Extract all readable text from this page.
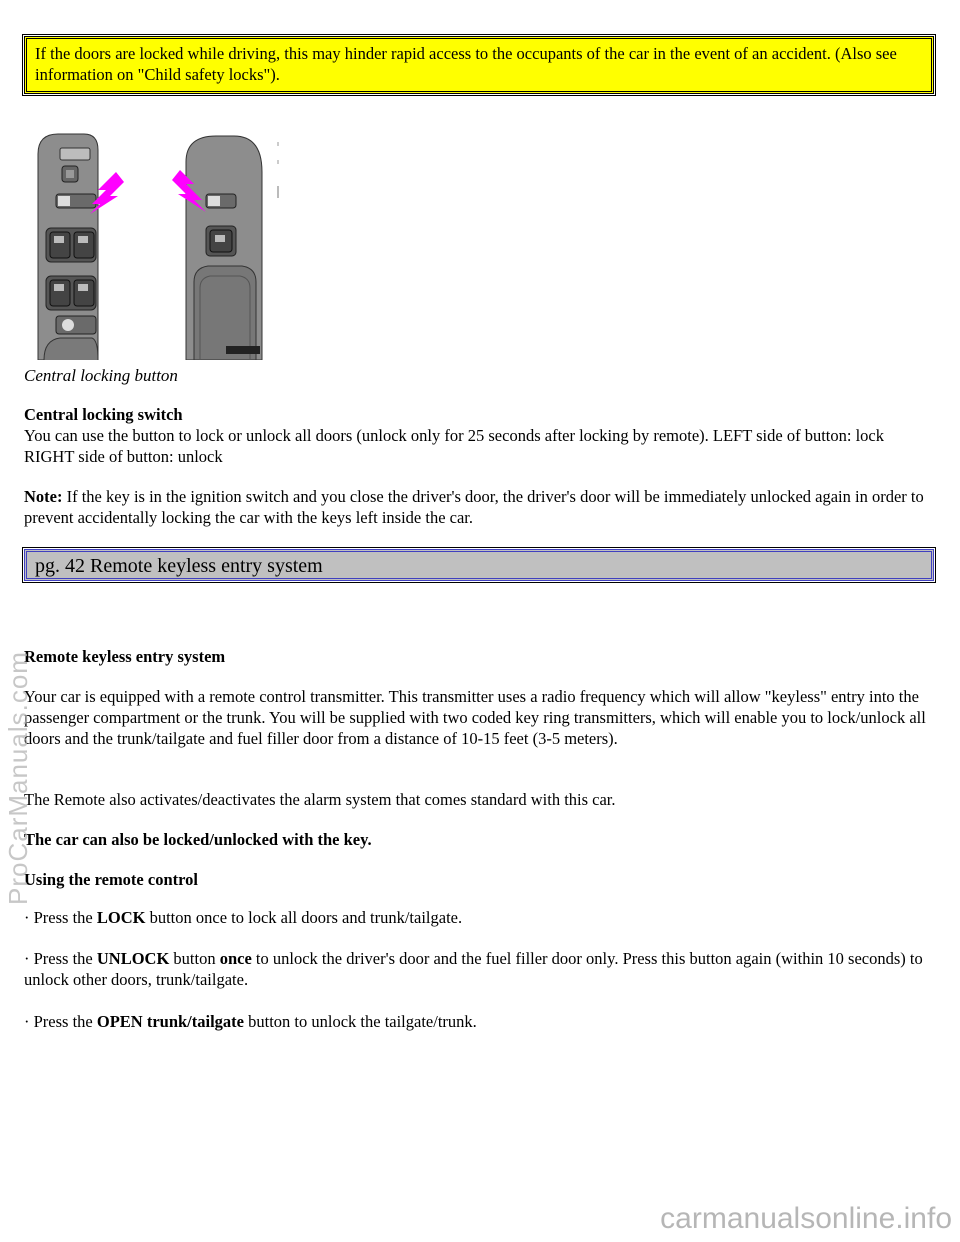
If the doors are locked while driving, this may hinder rapid access to the occupants of the car in the event of an accident. (Also see information on "Child safety locks").
Central locking button

Central locking switch

You can use the button to lock or unlock all doors (unlock only for 25 seconds after locking by remote). LEFT side of button: lock RIGHT side of button: unlock

Note: If the key is in the ignition switch and you close the driver's door, the driver's door will be immediately unlocked again in order to prevent accidentally locking the car with the keys left inside the car.

pg. 42 Remote keyless entry system

Remote keyless entry system

Your car is equipped with a remote control transmitter. This transmitter uses a radio frequency which will allow "keyless" entry into the passenger compartment or the trunk. You will be supplied with two coded key ring transmitters, which will enable you to lock/unlock all doors and the trunk/tailgate and fuel filler door from a distance of 10-15 feet (3-5 meters).

The Remote also activates/deactivates the alarm system that comes standard with this car.

The car can also be locked/unlocked with the key.

Using the remote control

· Press the LOCK button once to lock all doors and trunk/tailgate.

· Press the UNLOCK button once to unlock the driver's door and the fuel filler door only. Press this button again (within 10 seconds) to unlock other doors, trunk/tailgate.

· Press the OPEN trunk/tailgate button to unlock the tailgate/trunk.

ProCarManuals.com
carmanualsonline.info
